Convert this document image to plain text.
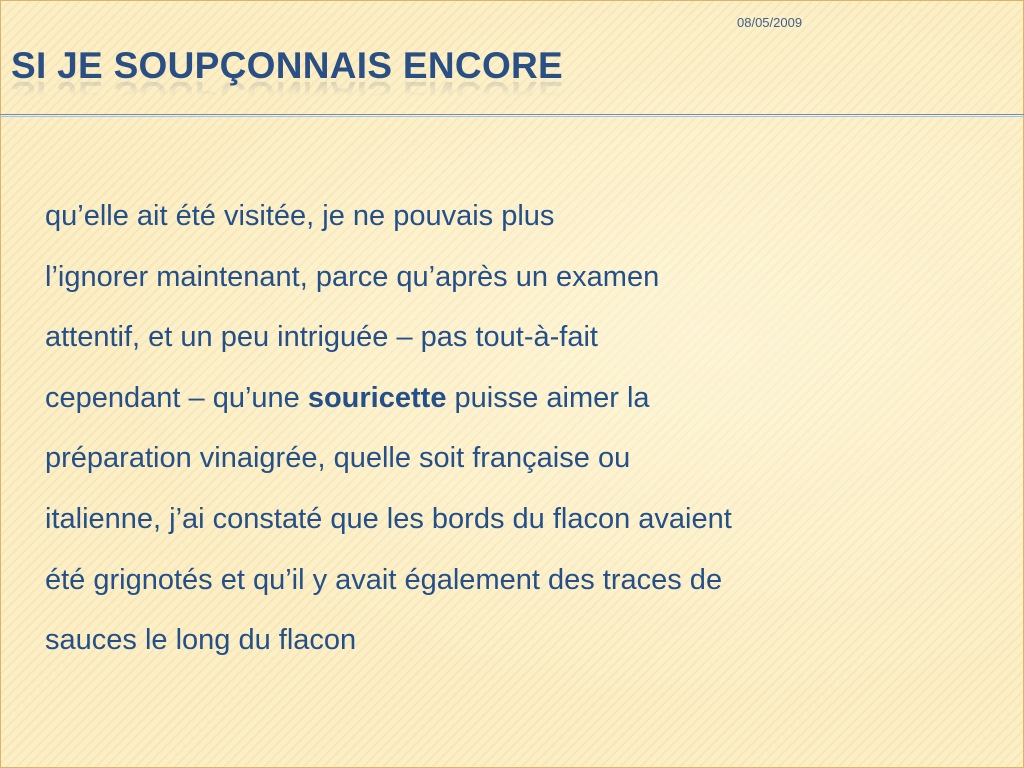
08/05/2009
SI JE SOUPÇONNAIS ENCORE

qu’elle ait été visitée, je ne pouvais plus
l’ignorer maintenant, parce qu’après un examen
attentif, et un peu intriguée – pas tout-à-fait
cependant – qu’une souricette puisse aimer la
préparation vinaigrée, quelle soit française ou
italienne, j’ai constaté que les bords du flacon avaient
été grignotés et qu’il y avait également des traces de
sauces le long du flacon
